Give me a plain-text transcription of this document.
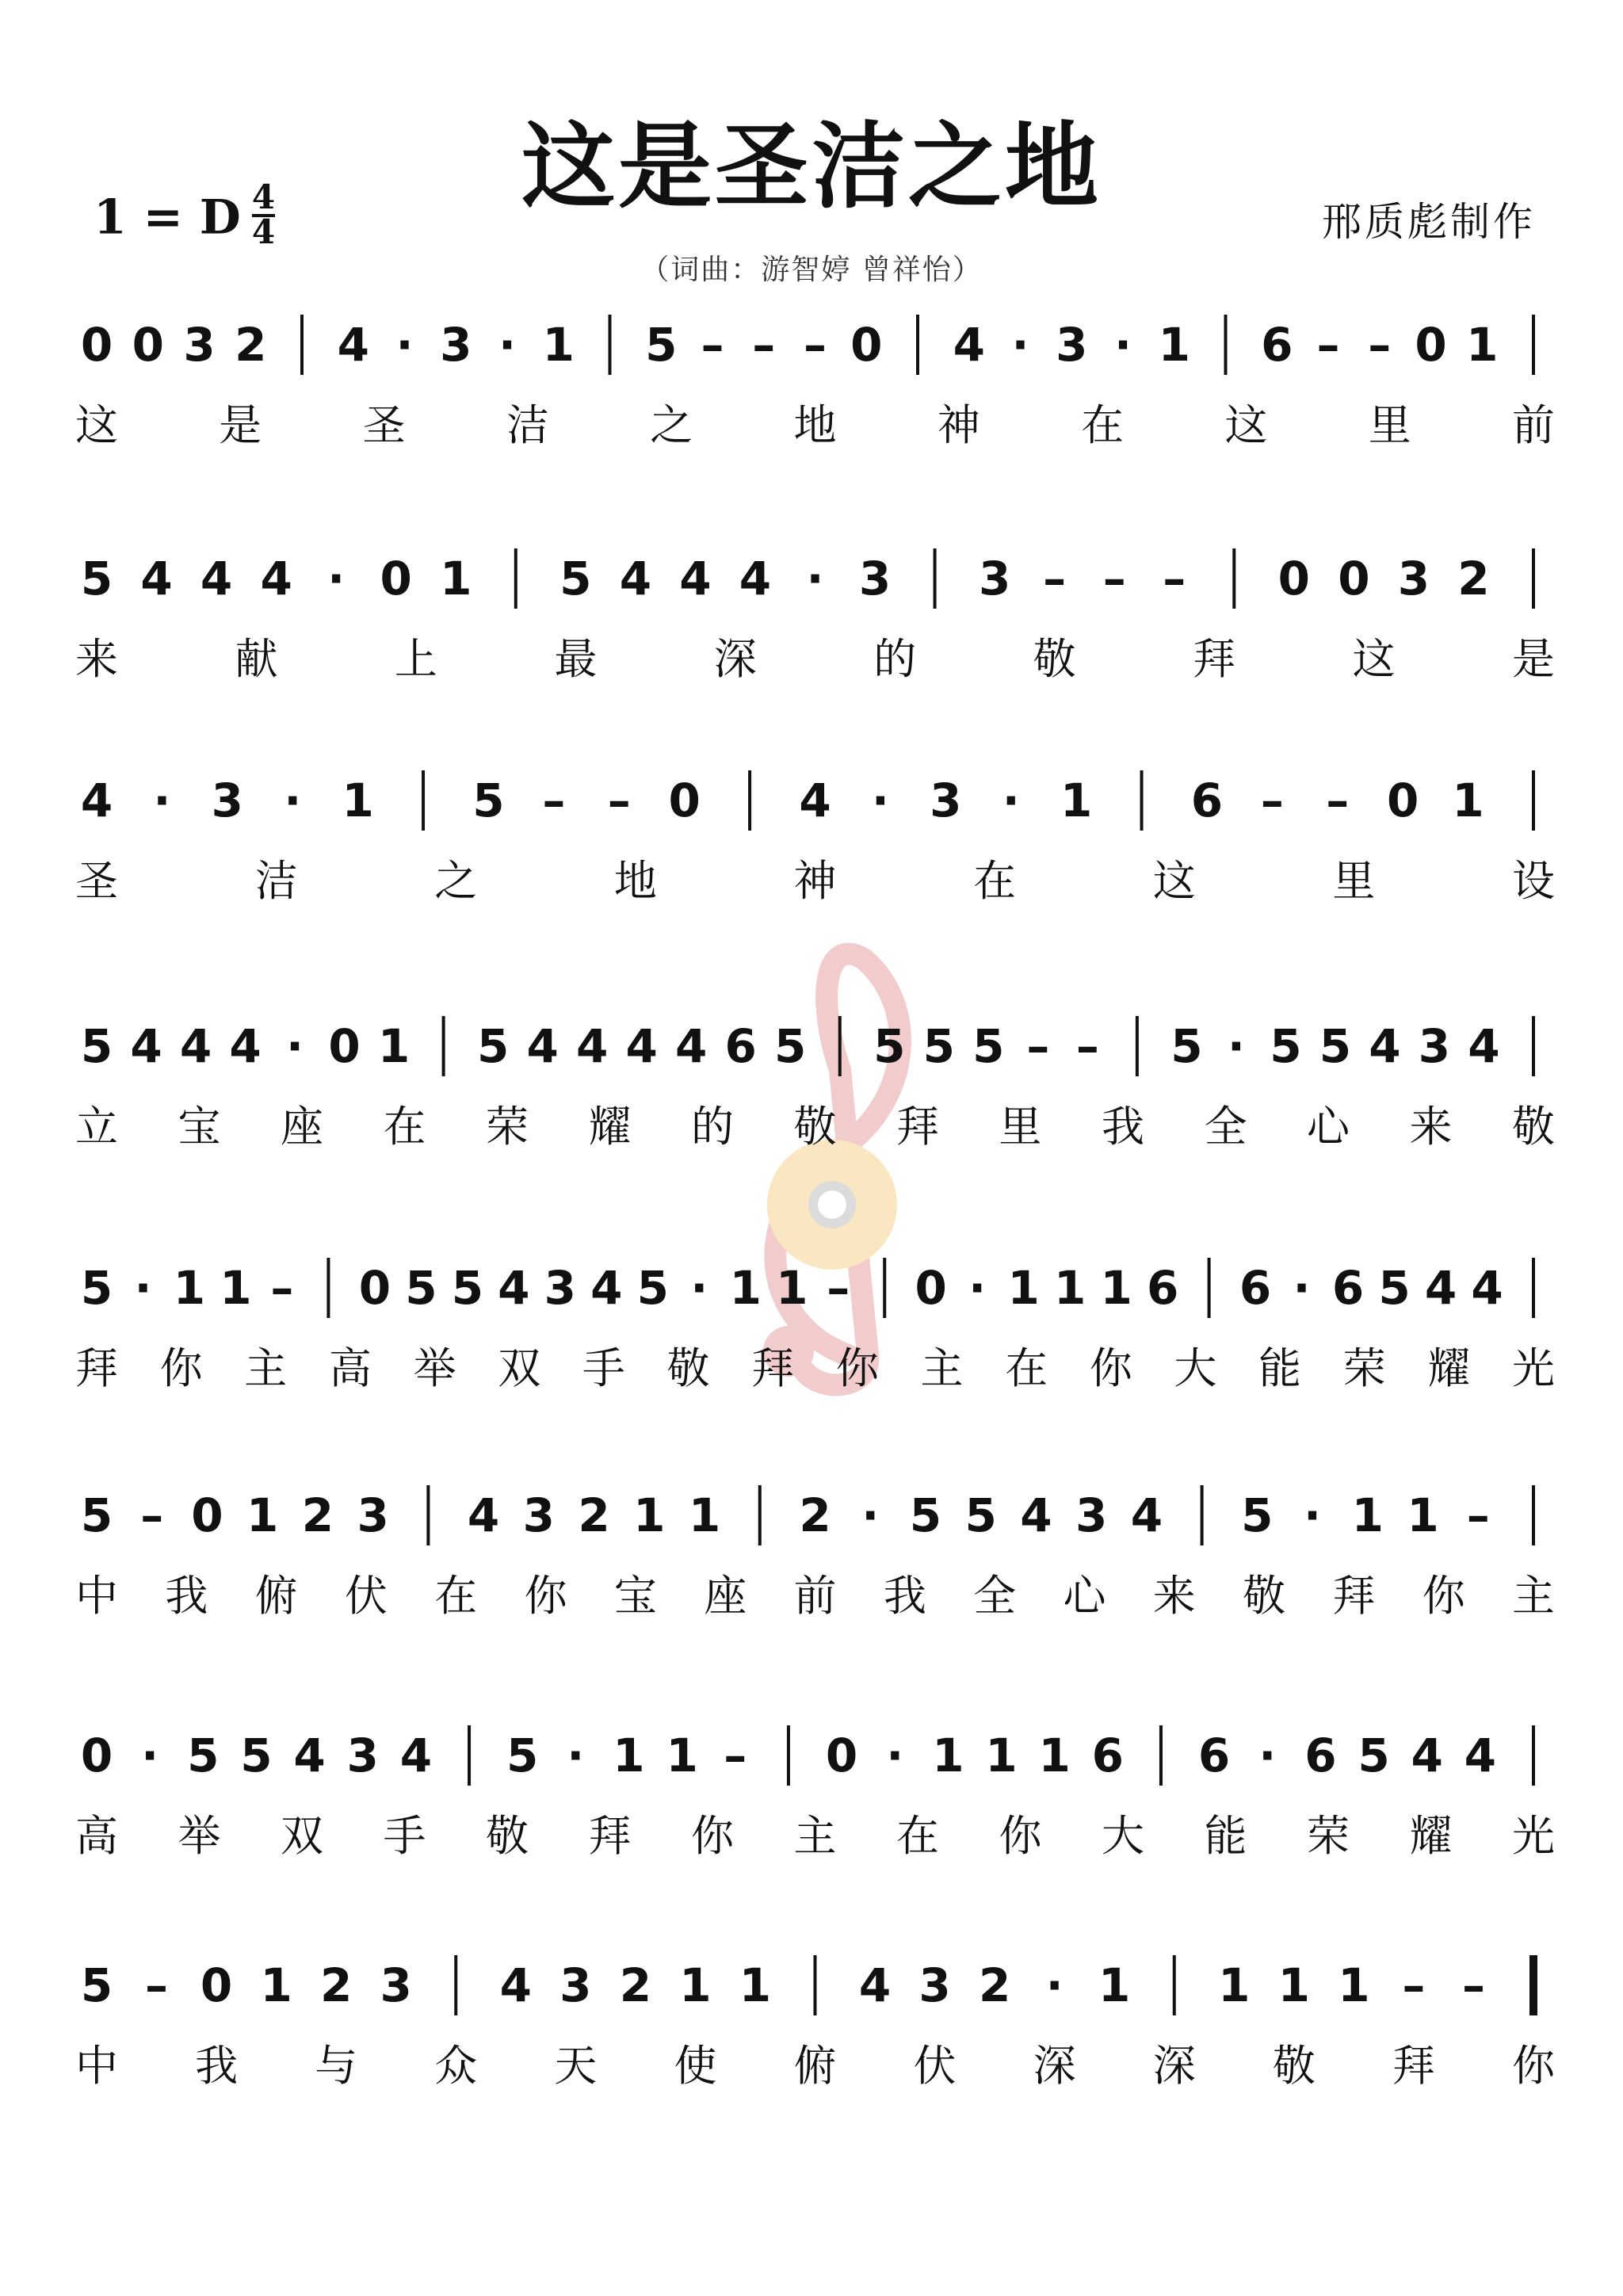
这是圣洁之地
1 = D $\frac{4}{4}$	邢质彪制作
（词曲：游智婷 曾祥怡）
0 0 3 2 4 · 3 · 1 5 – – – 0 4 · 3 · 1 6 – – 0 1
这 是 圣 洁 之 地 神 在 这 里 前
5 4 4 4 · 0 1 5 4 4 4 · 3 3 – – – 0 0 3 2
来	献	上	最	深	的	敬	拜	这	是
4 · 3 · 1 5 – – 0 4 · 3 · 1 6 – – 0 1
圣	洁	之	地	神	在	这	里	设
5 4 4 4 · 0 1 5 4 4 4 4 6 5 5 5 5 – – 5 · 5 5 4 3 4
立 宝 座 在 荣 耀 的 敬 拜 里 我 全 心 来 敬
5 · 1 1 – 0 5 5 4 3 4 5 · 1 1 – 0 · 1 1 1 6 6 · 6 5 4 4
拜 你 主 高 举 双 手 敬 拜 你 主 在 你 大 能 荣 耀 光
5 – 0 1 2 3 4 3 2 1 1 2 · 5 5 4 3 4 5 · 1 1 –
中 我 俯 伏 在 你 宝 座 前 我 全 心 来 敬 拜 你 主
0 · 5 5 4 3 4 5 · 1 1 – 0 · 1 1 1 6 6 · 6 5 4 4
高 举 双 手 敬 拜 你 主 在 你 大 能 荣 耀 光
5 – 0 1 2 3 4 3 2 1 1 4 3 2 · 1 1 1 1 – –
中 我 与 众 天 使 俯 伏 深 深 敬 拜 你
